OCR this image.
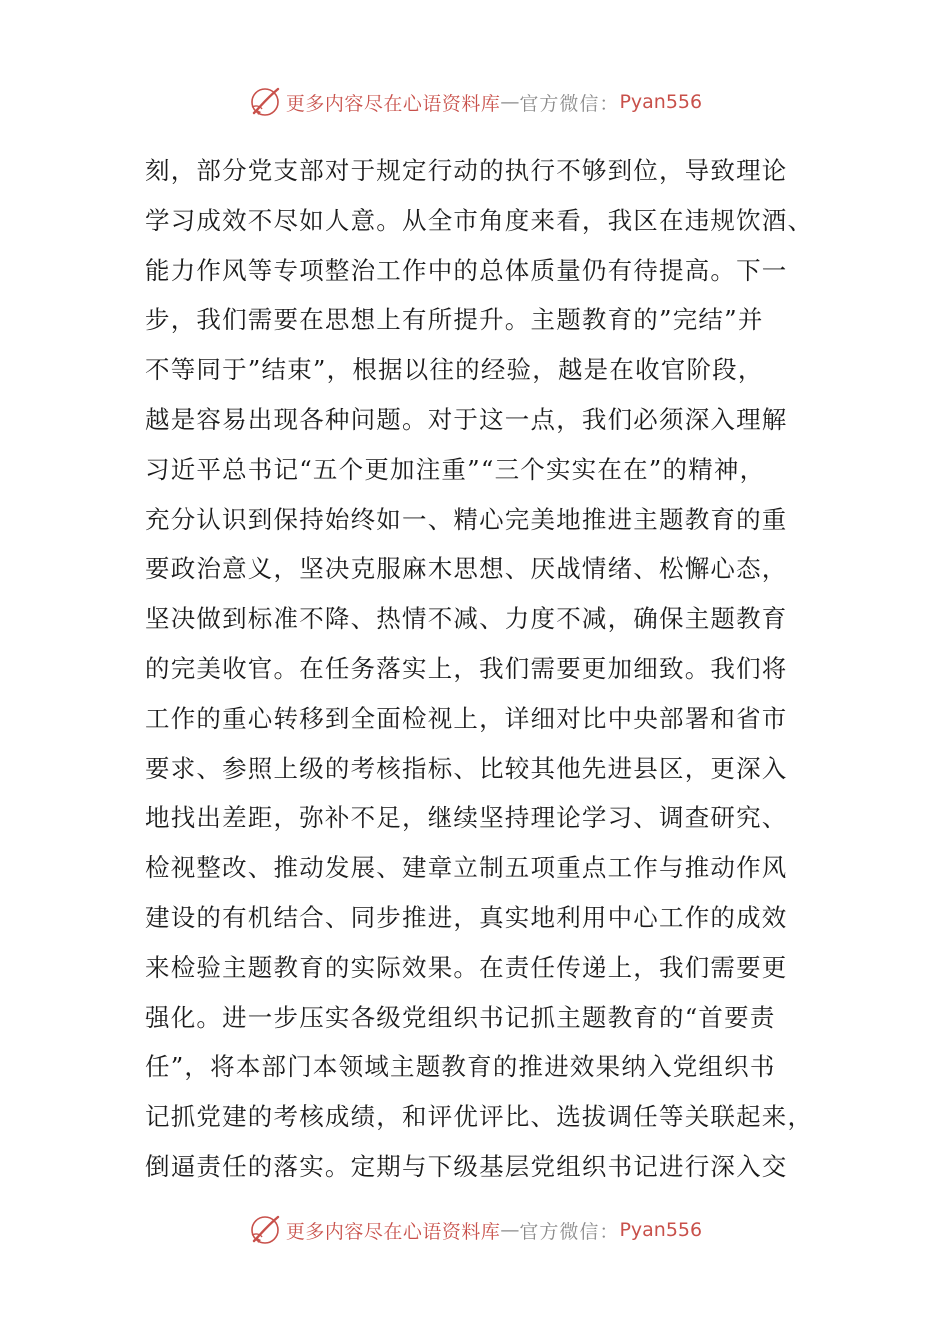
更多内容尽在心语资料库 — 官方微信： Pyan556
刻，部分党支部对于规定行动的执行不够到位，导致理论
学习成效不尽如人意。从全市角度来看，我区在违规饮酒、
能力作风等专项整治工作中的总体质量仍有待提高。下一
步，我们需要在思想上有所提升。主题教育的”完结”并
不等同于”结束”，根据以往的经验，越是在收官阶段，
越是容易出现各种问题。对于这一点，我们必须深入理解
习近平总书记“五个更加注重”“三个实实在在”的精神，
充分认识到保持始终如一、精心完美地推进主题教育的重
要政治意义，坚决克服麻木思想、厌战情绪、松懈心态，
坚决做到标准不降、热情不减、力度不减，确保主题教育
的完美收官。在任务落实上，我们需要更加细致。我们将
工作的重心转移到全面检视上，详细对比中央部署和省市
要求、参照上级的考核指标、比较其他先进县区，更深入
地找出差距，弥补不足，继续坚持理论学习、调查研究、
检视整改、推动发展、建章立制五项重点工作与推动作风
建设的有机结合、同步推进，真实地利用中心工作的成效
来检验主题教育的实际效果。在责任传递上，我们需要更
强化。进一步压实各级党组织书记抓主题教育的“首要责
任”，将本部门本领域主题教育的推进效果纳入党组织书
记抓党建的考核成绩，和评优评比、选拔调任等关联起来，
倒逼责任的落实。定期与下级基层党组织书记进行深入交
更多内容尽在心语资料库 — 官方微信： Pyan556
